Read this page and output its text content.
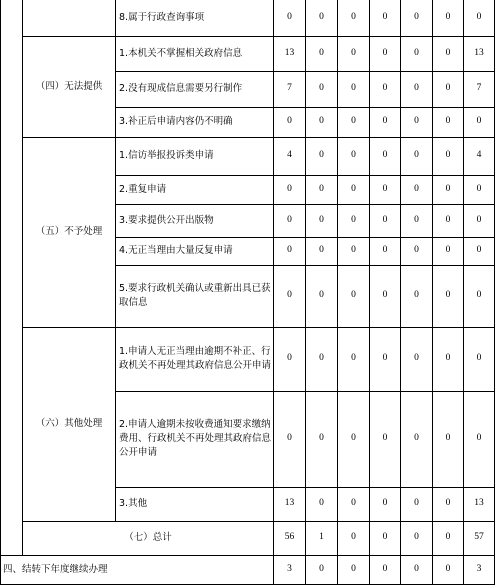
		8.属于行政查询事项	0	0	0	0	0	0	0
	（四）无法提供	1.本机关不掌握相关政府信息	13	0	0	0	0	0	13
		2.没有现成信息需要另行制作	7	0	0	0	0	0	7
		3.补正后申请内容仍不明确	0	0	0	0	0	0	0
	（五）不予处理	1.信访举报投诉类申请	4	0	0	0	0	0	4
		2.重复申请	0	0	0	0	0	0	0
		3.要求提供公开出版物	0	0	0	0	0	0	0
		4.无正当理由大量反复申请	0	0	0	0	0	0	0
		5.要求行政机关确认或重新出具已获取信息	0	0	0	0	0	0	0
	（六）其他处理	1.申请人无正当理由逾期不补正、行政机关不再处理其政府信息公开申请	0	0	0	0	0	0	0
		2.申请人逾期未按收费通知要求缴纳费用、行政机关不再处理其政府信息公开申请	0	0	0	0	0	0	0
		3.其他	13	0	0	0	0	0	13
	（七）总计		56	1	0	0	0	0	57
四、结转下年度继续办理			3	0	0	0	0	0	3
